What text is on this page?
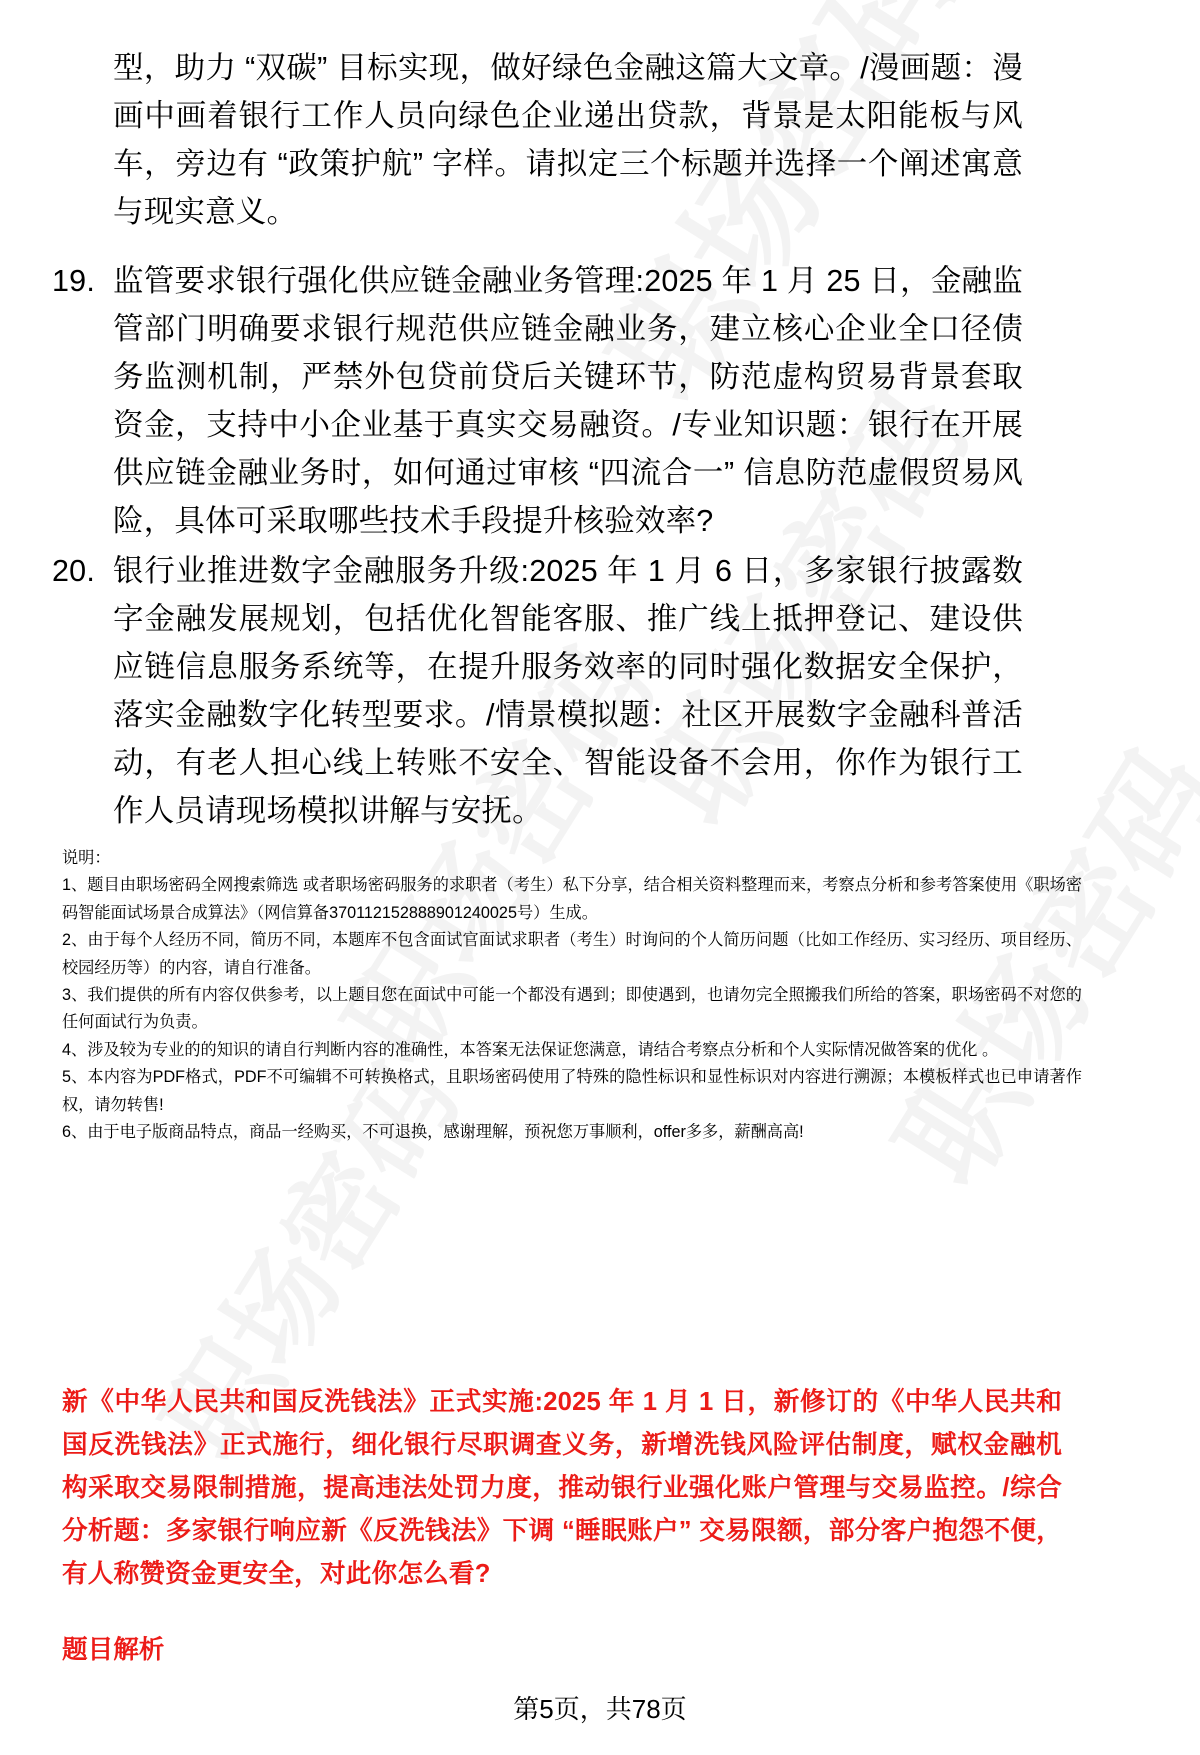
型，助力 “双碳” 目标实现，做好绿色金融这篇大文章。/漫画题：漫画中画着银行工作人员向绿色企业递出贷款，背景是太阳能板与风车，旁边有 “政策护航” 字样。请拟定三个标题并选择一个阐述寓意与现实意义。
19. 监管要求银行强化供应链金融业务管理:2025 年 1 月 25 日，金融监管部门明确要求银行规范供应链金融业务，建立核心企业全口径债务监测机制，严禁外包贷前贷后关键环节，防范虚构贸易背景套取资金，支持中小企业基于真实交易融资。/专业知识题：银行在开展供应链金融业务时，如何通过审核 “四流合一” 信息防范虚假贸易风险，具体可采取哪些技术手段提升核验效率?
20. 银行业推进数字金融服务升级:2025 年 1 月 6 日，多家银行披露数字金融发展规划，包括优化智能客服、推广线上抵押登记、建设供应链信息服务系统等，在提升服务效率的同时强化数据安全保护，落实金融数字化转型要求。/情景模拟题：社区开展数字金融科普活动，有老人担心线上转账不安全、智能设备不会用，你作为银行工作人员请现场模拟讲解与安抚。

说明：

1、题目由职场密码全网搜索筛选 或者职场密码服务的求职者（考生）私下分享，结合相关资料整理而来，考察点分析和参考答案使用《职场密码智能面试场景合成算法》（网信算备370112152888901240025号）生成。

2、由于每个人经历不同，简历不同，本题库不包含面试官面试求职者（考生）时询问的个人简历问题（比如工作经历、实习经历、项目经历、校园经历等）的内容，请自行准备。

3、我们提供的所有内容仅供参考，以上题目您在面试中可能一个都没有遇到；即使遇到，也请勿完全照搬我们所给的答案，职场密码不对您的任何面试行为负责。

4、涉及较为专业的的知识的请自行判断内容的准确性，本答案无法保证您满意，请结合考察点分析和个人实际情况做答案的优化 。

5、本内容为PDF格式，PDF不可编辑不可转换格式，且职场密码使用了特殊的隐性标识和显性标识对内容进行溯源；本模板样式也已申请著作权，请勿转售!

6、由于电子版商品特点，商品一经购买，不可退换，感谢理解，预祝您万事顺利，offer多多，薪酬高高!

新《中华人民共和国反洗钱法》正式实施:2025 年 1 月 1 日，新修订的《中华人民共和国反洗钱法》正式施行，细化银行尽职调查义务，新增洗钱风险评估制度，赋权金融机构采取交易限制措施，提高违法处罚力度，推动银行业强化账户管理与交易监控。/综合分析题：多家银行响应新《反洗钱法》下调 “睡眠账户” 交易限额，部分客户抱怨不便，有人称赞资金更安全，对此你怎么看?
题目解析
第5页，共78页
